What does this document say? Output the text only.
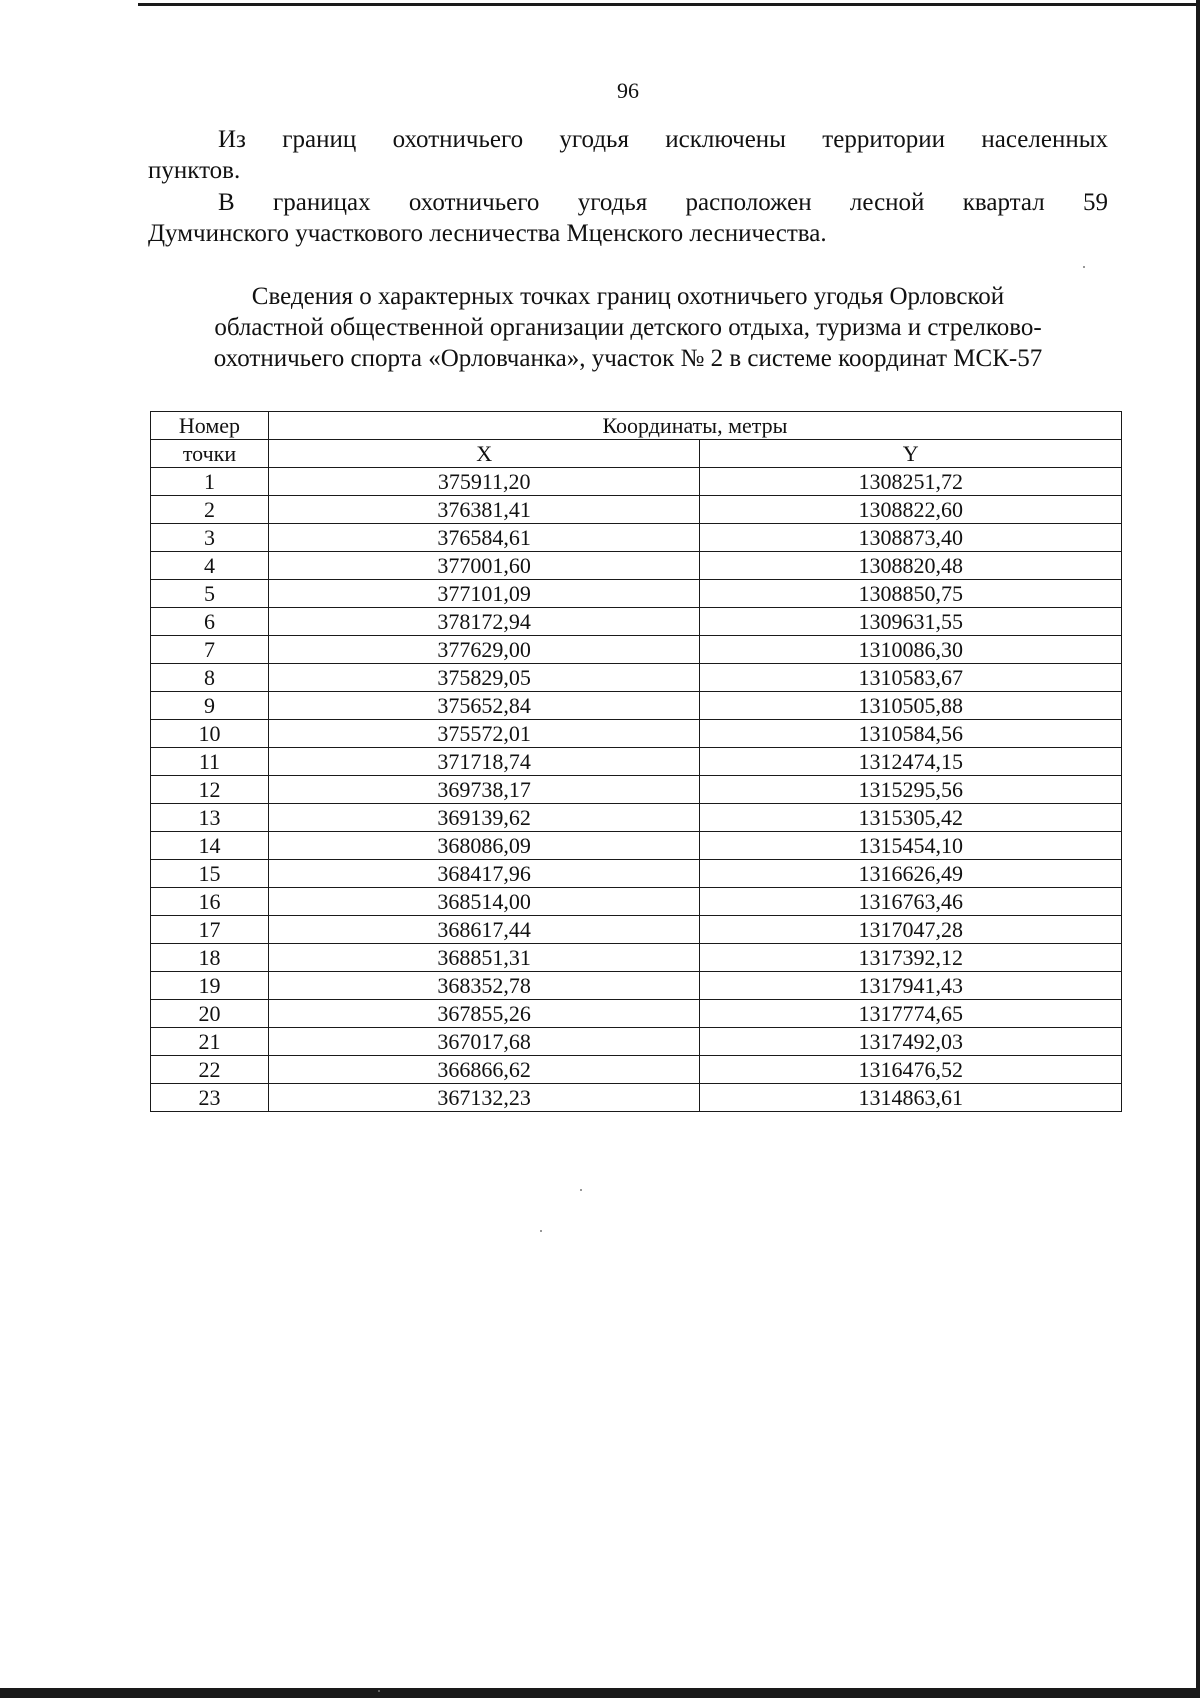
96
Из границ охотничьего угодья исключены территории населенных
пунктов.
В границах охотничьего угодья расположен лесной квартал 59
Думчинского участкового лесничества Мценского лесничества.
Сведения о характерных точках границ охотничьего угодья Орловской
областной общественной организации детского отдыха, туризма и стрелково-
охотничьего спорта «Орловчанка», участок № 2 в системе координат МСК-57
Номер	Координаты, метры	
точки	X	Y
1	375911,20	1308251,72
2	376381,41	1308822,60
3	376584,61	1308873,40
4	377001,60	1308820,48
5	377101,09	1308850,75
6	378172,94	1309631,55
7	377629,00	1310086,30
8	375829,05	1310583,67
9	375652,84	1310505,88
10	375572,01	1310584,56
11	371718,74	1312474,15
12	369738,17	1315295,56
13	369139,62	1315305,42
14	368086,09	1315454,10
15	368417,96	1316626,49
16	368514,00	1316763,46
17	368617,44	1317047,28
18	368851,31	1317392,12
19	368352,78	1317941,43
20	367855,26	1317774,65
21	367017,68	1317492,03
22	366866,62	1316476,52
23	367132,23	1314863,61
